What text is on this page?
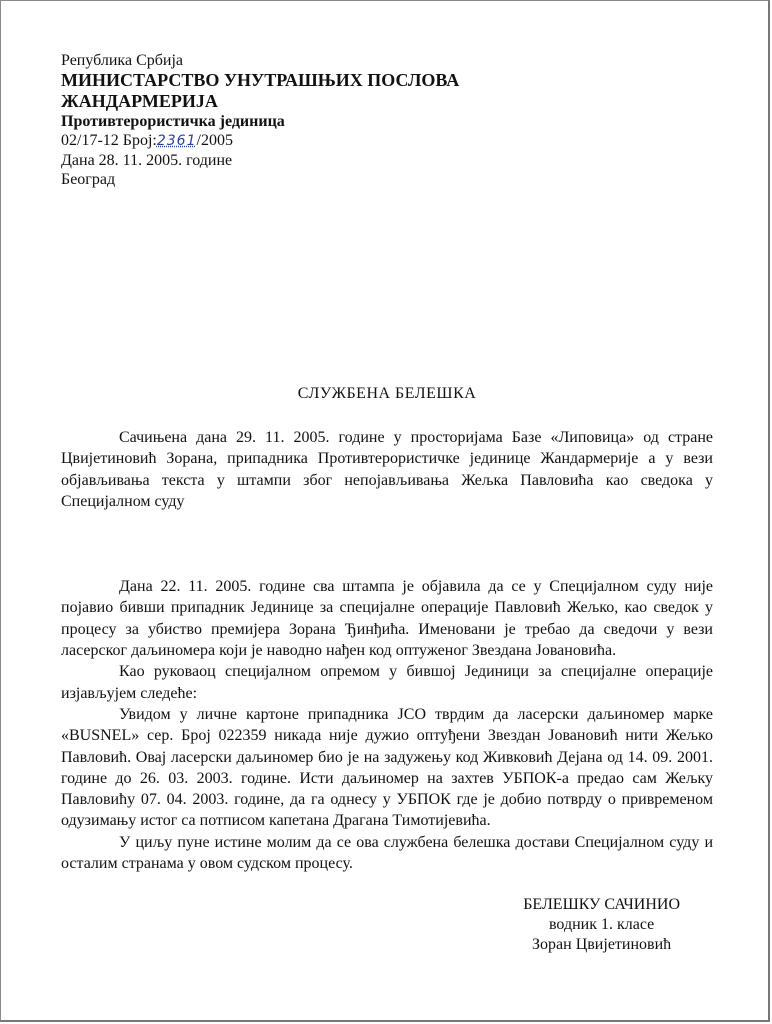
Република Србија
МИНИСТАРСТВО УНУТРАШЊИХ ПОСЛОВА
ЖАНДАРМЕРИЈА
Противтерористичка јединица
02/17-12 Број:2361/2005
Дана 28. 11. 2005. године
Београд
СЛУЖБЕНА БЕЛЕШКА

Сачињена дана 29. 11. 2005. године у просторијама Базе «Липовица» од стране Цвијетиновић Зорана, припадника Противтерористичке јединице Жандармерије а у вези објављивања текста у штампи због непојављивања Жељка Павловића као сведока у Специјалном суду

Дана 22. 11. 2005. године сва штампа је објавила да се у Специјалном суду није појавио бивши припадник Јединице за специјалне операције Павловић Жељко, као сведок у процесу за убиство премијера Зорана Ђинђића. Именовани је требао да сведочи у вези ласерског даљиномера који је наводно нађен код оптуженог Звездана Јовановића.

Као руковаоц специјалном опремом у бившој Јединици за специјалне операције изјављујем следеће:

Увидом у личне картоне припадника ЈСО тврдим да ласерски даљиномер марке «BUSNEL» сер. Број 022359 никада није дужио оптуђени Звездан Јовановић нити Жељко Павловић. Овај ласерски даљиномер био је на задужењу код Живковић Дејана од 14. 09. 2001. године до 26. 03. 2003. године. Исти даљиномер на захтев УБПОК-а предао сам Жељку Павловићу 07. 04. 2003. године, да га однесу у УБПОК где је добио потврду о привременом одузимању истог са потписом капетана Драгана Тимотијевића.

У циљу пуне истине молим да се ова службена белешка достави Специјалном суду и осталим странама у овом судском процесу.

БЕЛЕШКУ САЧИНИО
водник 1. класе
Зоран Цвијетиновић
